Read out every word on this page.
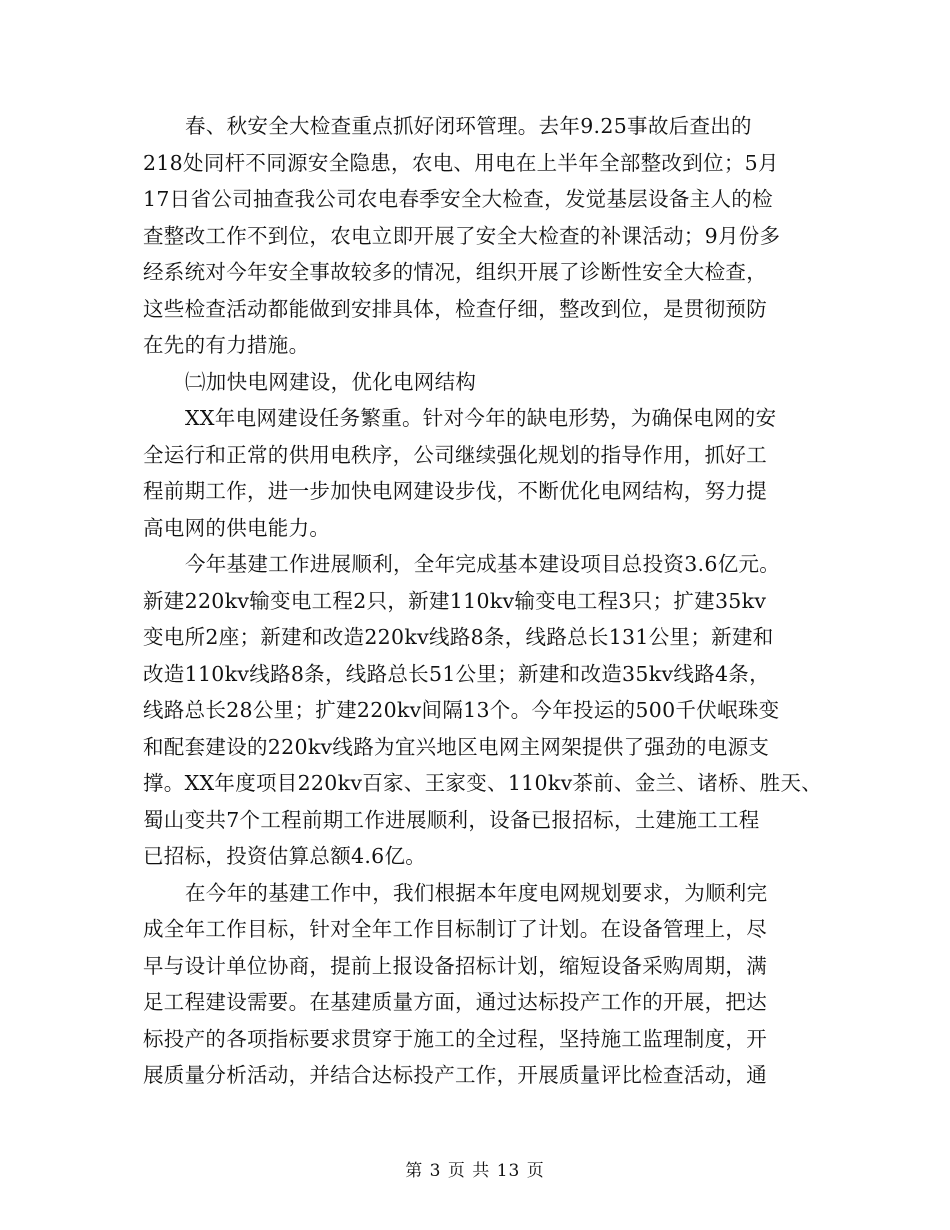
春、秋安全大检查重点抓好闭环管理。去年9.25事故后查出的
218处同杆不同源安全隐患，农电、用电在上半年全部整改到位；5月
17日省公司抽查我公司农电春季安全大检查，发觉基层设备主人的检
查整改工作不到位，农电立即开展了安全大检查的补课活动；9月份多
经系统对今年安全事故较多的情况，组织开展了诊断性安全大检查，
这些检查活动都能做到安排具体，检查仔细，整改到位，是贯彻预防
在先的有力措施。
㈡加快电网建设，优化电网结构
XX年电网建设任务繁重。针对今年的缺电形势，为确保电网的安
全运行和正常的供用电秩序，公司继续强化规划的指导作用，抓好工
程前期工作，进一步加快电网建设步伐，不断优化电网结构，努力提
高电网的供电能力。
今年基建工作进展顺利，全年完成基本建设项目总投资3.6亿元。
新建220kv输变电工程2只，新建110kv输变电工程3只；扩建35kv
变电所2座；新建和改造220kv线路8条，线路总长131公里；新建和
改造110kv线路8条，线路总长51公里；新建和改造35kv线路4条，
线路总长28公里；扩建220kv间隔13个。今年投运的500千伏岷珠变
和配套建设的220kv线路为宜兴地区电网主网架提供了强劲的电源支
撑。XX年度项目220kv百家、王家变、110kv茶前、金兰、诸桥、胜天、
蜀山变共7个工程前期工作进展顺利，设备已报招标，土建施工工程
已招标，投资估算总额4.6亿。
在今年的基建工作中，我们根据本年度电网规划要求，为顺利完
成全年工作目标，针对全年工作目标制订了计划。在设备管理上，尽
早与设计单位协商，提前上报设备招标计划，缩短设备采购周期，满
足工程建设需要。在基建质量方面，通过达标投产工作的开展，把达
标投产的各项指标要求贯穿于施工的全过程，坚持施工监理制度，开
展质量分析活动，并结合达标投产工作，开展质量评比检查活动，通
第 3 页 共 13 页
